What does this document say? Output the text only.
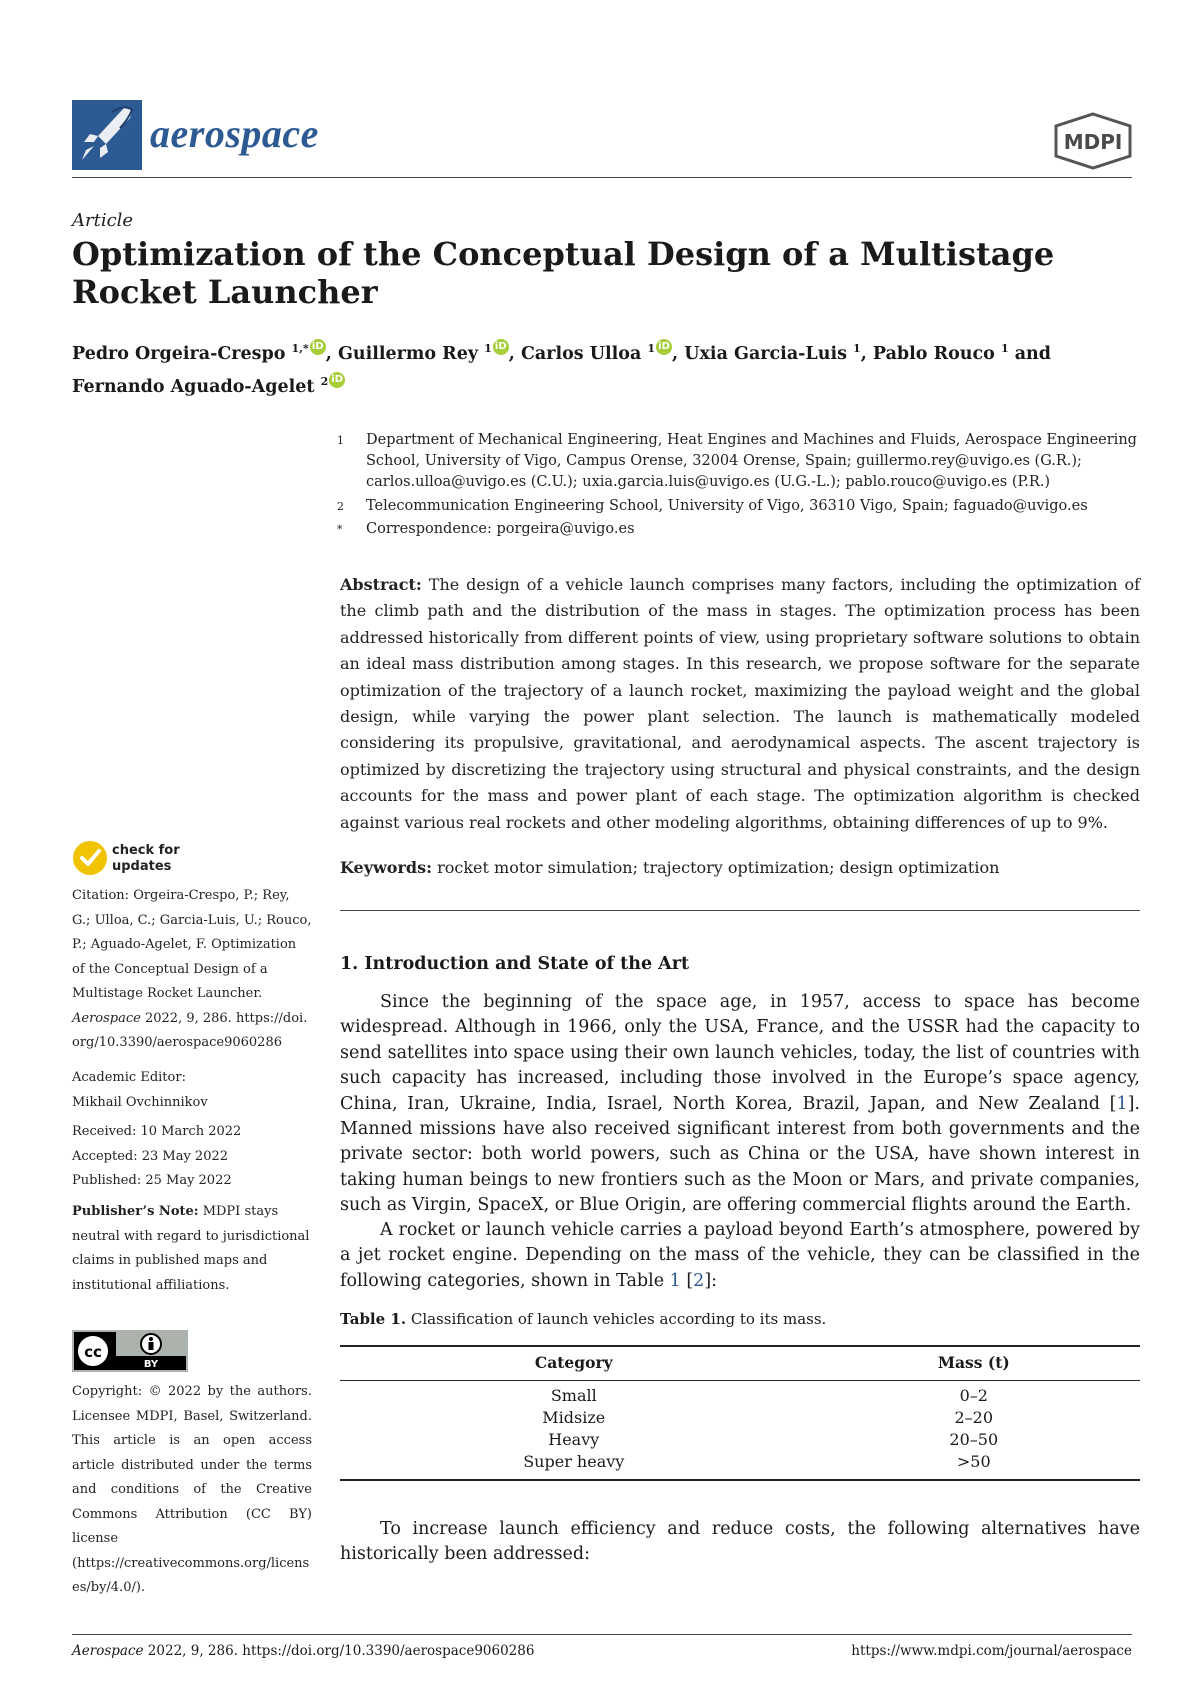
aerospace	MDPI
Article
Optimization of the Conceptual Design of a Multistage Rocket Launcher
Pedro Orgeira-Crespo $^{1,*}$ iD , Guillermo Rey $^1$ iD , Carlos Ulloa $^1$ iD , Uxia Garcia-Luis $^1$, Pablo Rouco $^1$ and Fernando Aguado-Agelet $^2$ iD
1	Department of Mechanical Engineering, Heat Engines and Machines and Fluids, Aerospace Engineering School, University of Vigo, Campus Orense, 32004 Orense, Spain; guillermo.rey@uvigo.es (G.R.); carlos.ulloa@uvigo.es (C.U.); uxia.garcia.luis@uvigo.es (U.G.-L.); pablo.rouco@uvigo.es (P.R.)
2	Telecommunication Engineering School, University of Vigo, 36310 Vigo, Spain; faguado@uvigo.es
*	Correspondence: porgeira@uvigo.es
Abstract: The design of a vehicle launch comprises many factors, including the optimization of the climb path and the distribution of the mass in stages. The optimization process has been addressed historically from different points of view, using proprietary software solutions to obtain an ideal mass distribution among stages. In this research, we propose software for the separate optimization of the trajectory of a launch rocket, maximizing the payload weight and the global design, while varying the power plant selection. The launch is mathematically modeled considering its propulsive, gravitational, and aerodynamical aspects. The ascent trajectory is optimized by discretizing the trajectory using structural and physical constraints, and the design accounts for the mass and power plant of each stage. The optimization algorithm is checked against various real rockets and other modeling algorithms, obtaining differences of up to 9%.
Keywords: rocket motor simulation; trajectory optimization; design optimization
check for
updates
Citation: Orgeira-Crespo, P.; Rey, G.; Ulloa, C.; Garcia-Luis, U.; Rouco, P.; Aguado-Agelet, F. Optimization of the Conceptual Design of a Multistage Rocket Launcher. Aerospace 2022, 9, 286. https://doi.org/10.3390/aerospace9060286
Academic Editor:
Mikhail Ovchinnikov
Received: 10 March 2022
Accepted: 23 May 2022
Published: 25 May 2022
Publisher’s Note: MDPI stays neutral with regard to jurisdictional claims in published maps and institutional affiliations.
cc
BY
Copyright: © 2022 by the authors. Licensee MDPI, Basel, Switzerland. This article is an open access article distributed under the terms and conditions of the Creative Commons Attribution (CC BY) license (https://creativecommons.org/licenses/by/4.0/).
1. Introduction and State of the Art
Since the beginning of the space age, in 1957, access to space has become widespread. Although in 1966, only the USA, France, and the USSR had the capacity to send satellites into space using their own launch vehicles, today, the list of countries with such capacity has increased, including those involved in the Europe’s space agency, China, Iran, Ukraine, India, Israel, North Korea, Brazil, Japan, and New Zealand [1]. Manned missions have also received significant interest from both governments and the private sector: both world powers, such as China or the USA, have shown interest in taking human beings to new frontiers such as the Moon or Mars, and private companies, such as Virgin, SpaceX, or Blue Origin, are offering commercial flights around the Earth.
A rocket or launch vehicle carries a payload beyond Earth’s atmosphere, powered by a jet rocket engine. Depending on the mass of the vehicle, they can be classified in the following categories, shown in Table 1 [2]:
Table 1. Classification of launch vehicles according to its mass.
Category	Mass (t)
Small	0–2
Midsize	2–20
Heavy	20–50
Super heavy	>50
To increase launch efficiency and reduce costs, the following alternatives have historically been addressed:
Aerospace 2022, 9, 286. https://doi.org/10.3390/aerospace9060286	https://www.mdpi.com/journal/aerospace
